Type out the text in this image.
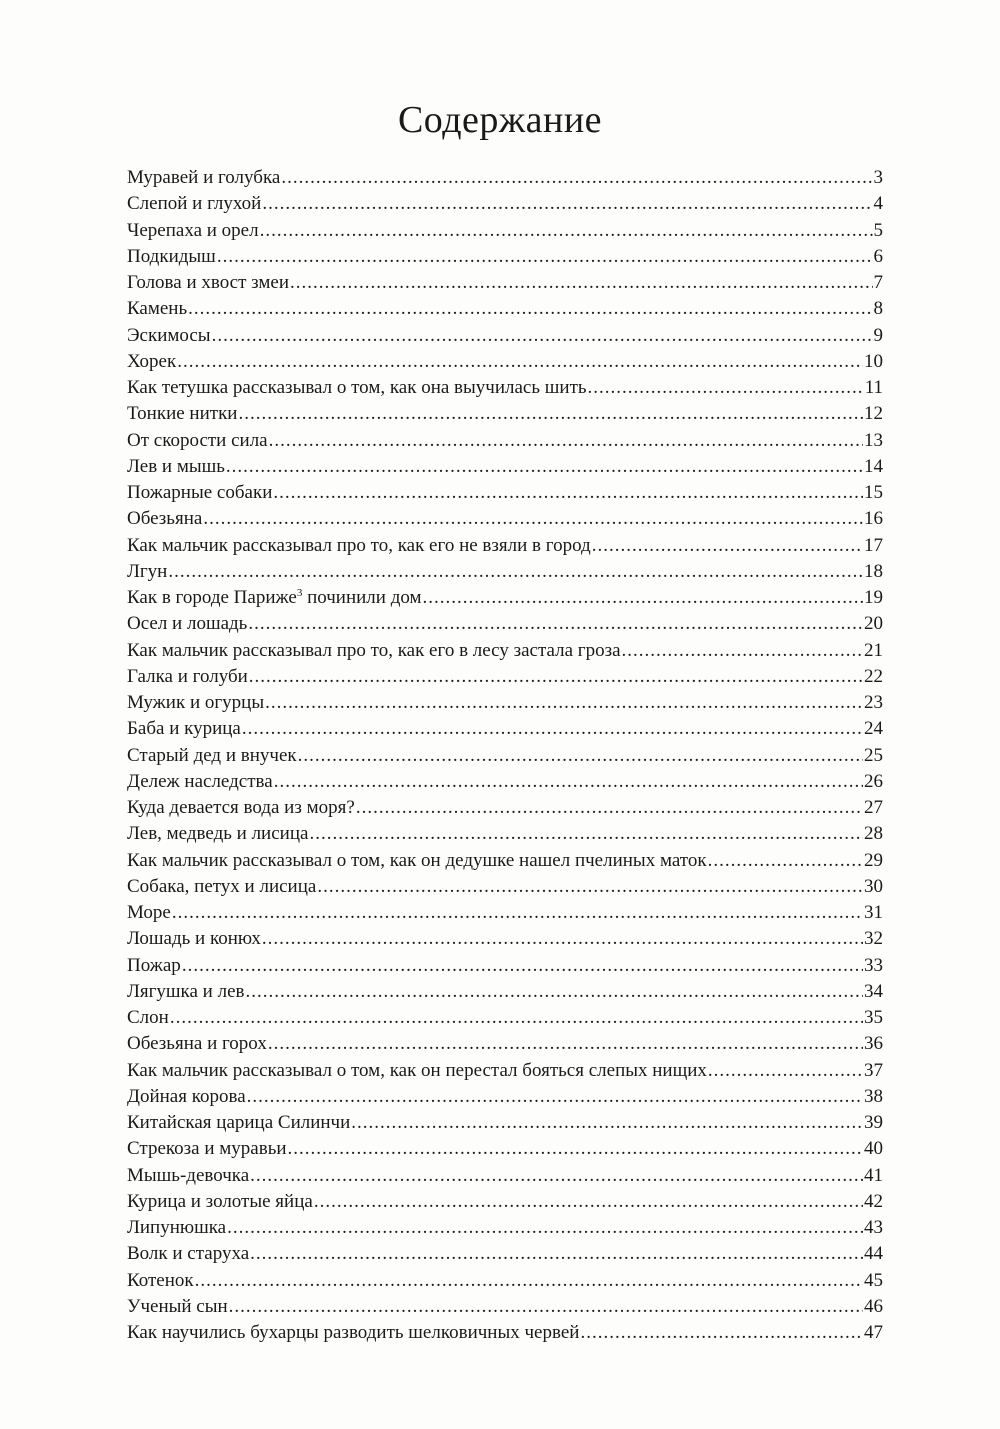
Содержание
Муравей и голубка .....	3
Слепой и глухой .....	4
Черепаха и орел .....	5
Подкидыш .....	6
Голова и хвост змеи .....	7
Камень .....	8
Эскимосы .....	9
Хорек .....	10
Как тетушка рассказывал о том, как она выучилась шить .....	11
Тонкие нитки .....	12
От скорости сила .....	13
Лев и мышь .....	14
Пожарные собаки .....	15
Обезьяна .....	16
Как мальчик рассказывал про то, как его не взяли в город .....	17
Лгун .....	18
Как в городе Париже$^3$ починили дом .....	19
Осел и лошадь .....	20
Как мальчик рассказывал про то, как его в лесу застала гроза .....	21
Галка и голуби .....	22
Мужик и огурцы .....	23
Баба и курица .....	24
Старый дед и внучек .....	25
Дележ наследства .....	26
Куда девается вода из моря? .....	27
Лев, медведь и лисица .....	28
Как мальчик рассказывал о том, как он дедушке нашел пчелиных маток .....	29
Собака, петух и лисица .....	30
Море .....	31
Лошадь и конюх .....	32
Пожар .....	33
Лягушка и лев .....	34
Слон .....	35
Обезьяна и горох .....	36
Как мальчик рассказывал о том, как он перестал бояться слепых нищих .....	37
Дойная корова .....	38
Китайская царица Силинчи .....	39
Стрекоза и муравьи .....	40
Мышь-девочка .....	41
Курица и золотые яйца .....	42
Липунюшка .....	43
Волк и старуха .....	44
Котенок .....	45
Ученый сын .....	46
Как научились бухарцы разводить шелковичных червей .....	47
